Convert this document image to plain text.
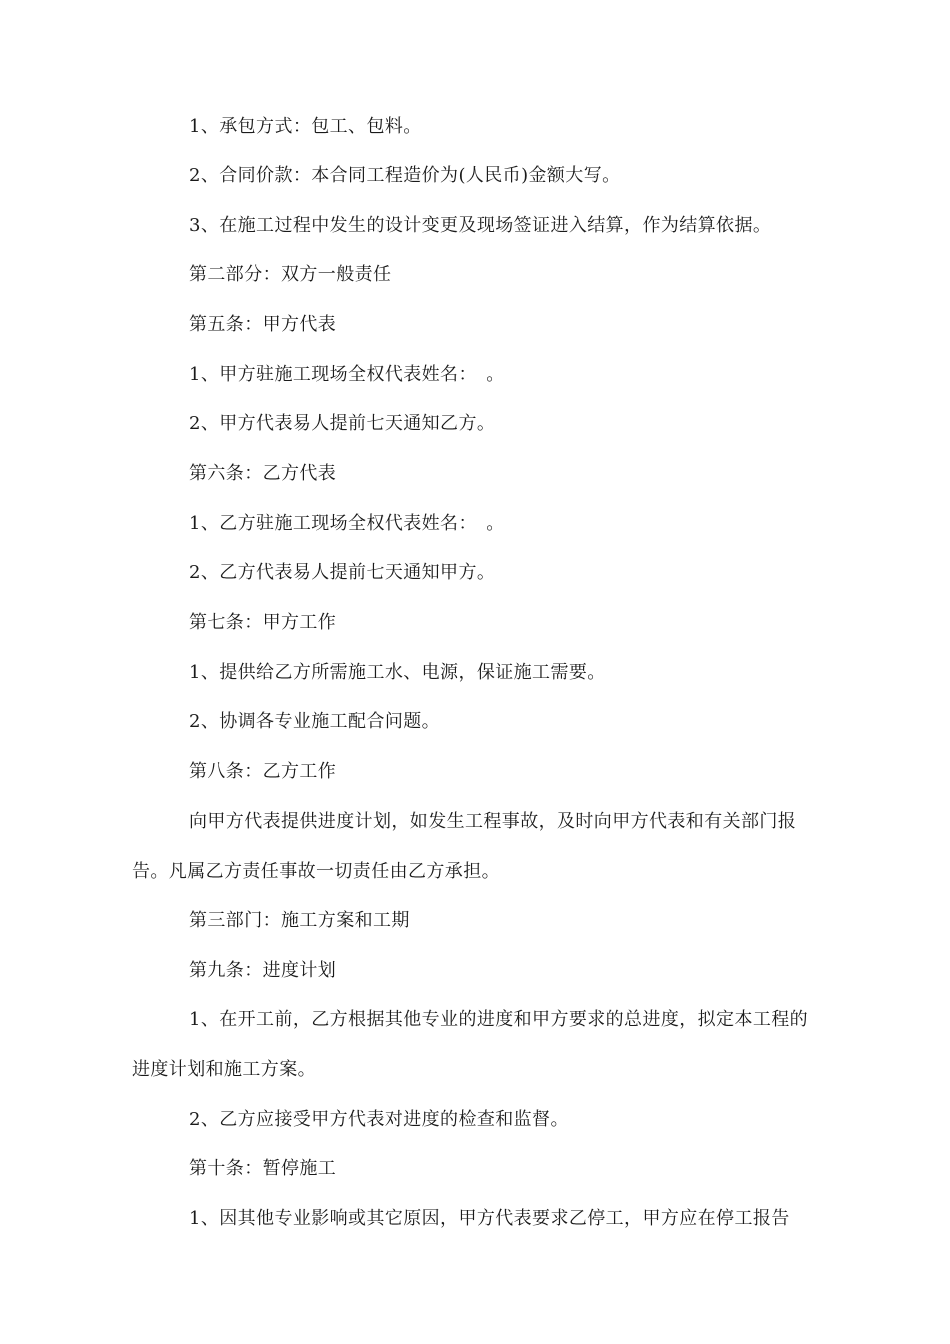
1、承包方式：包工、包料。

2、合同价款：本合同工程造价为(人民币)金额大写。

3、在施工过程中发生的设计变更及现场签证进入结算，作为结算依据。

第二部分：双方一般责任

第五条：甲方代表

1、甲方驻施工现场全权代表姓名：　。

2、甲方代表易人提前七天通知乙方。

第六条：乙方代表

1、乙方驻施工现场全权代表姓名：　。

2、乙方代表易人提前七天通知甲方。

第七条：甲方工作

1、提供给乙方所需施工水、电源，保证施工需要。

2、协调各专业施工配合问题。

第八条：乙方工作

向甲方代表提供进度计划，如发生工程事故，及时向甲方代表和有关部门报告。凡属乙方责任事故一切责任由乙方承担。

第三部门：施工方案和工期

第九条：进度计划

1、在开工前，乙方根据其他专业的进度和甲方要求的总进度，拟定本工程的进度计划和施工方案。

2、乙方应接受甲方代表对进度的检查和监督。

第十条：暂停施工

1、因其他专业影响或其它原因，甲方代表要求乙停工，甲方应在停工报告
